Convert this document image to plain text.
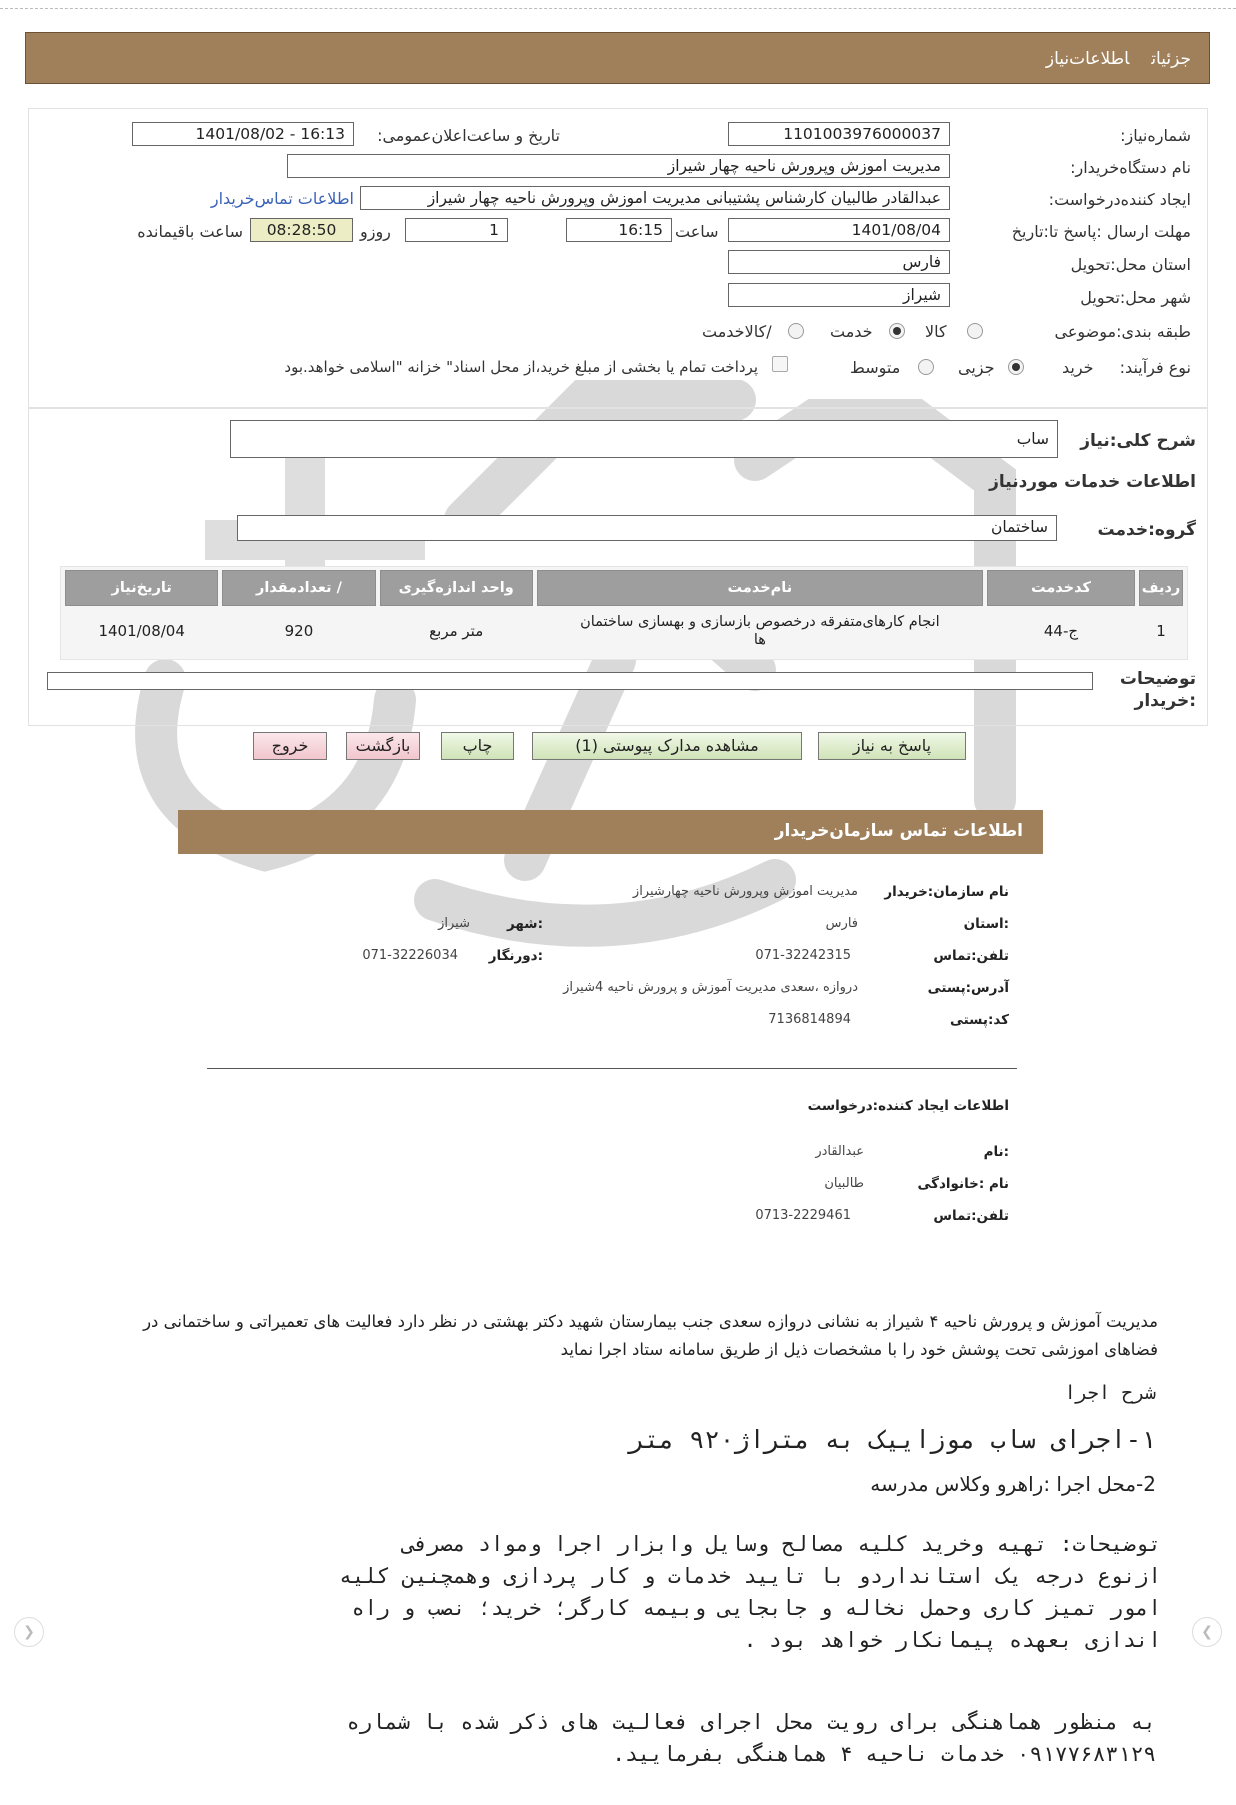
جزئیاتاطلاعات‌نیاز
شماره‌نیاز:
1101003976000037
تاریخ و ساعت‌اعلان‌عمومی:
1401/08/02 - 16:13
نام دستگاه‌خریدار:
مدیریت اموزش وپرورش ناحیه چهار شیراز
ایجاد کننده‌درخواست:
عبدالقادر طالبیان کارشناس پشتیبانی مدیریت اموزش وپرورش ناحیه چهار شیراز
اطلاعات تماس‌خریدار
مهلت ارسال :پاسخ تا:تاریخ
1401/08/04
ساعت
16:15
1
روزو
08:28:50
ساعت باقیمانده
استان محل:تحویل
فارس
شهر محل:تحویل
شیراز
طبقه بندی:موضوعی
کالا
خدمت
/کالاخدمت
نوع فرآیند:
خرید
جزیی
متوسط
پرداخت تمام یا بخشی از مبلغ خرید،از محل اسناد" خزانه "اسلامی خواهد.بود
شرح کلی:نیاز
ساب
اطلاعات خدمات موردنیاز
گروه:خدمت
ساختمان
ردیف	کدخدمت	نام‌خدمت	واحد اندازه‌گیری	/ تعدادمقدار	تاریخ‌نیاز
1	ج-44	انجام کارهای‌متفرقه درخصوص بازسازی و بهسازی ساختمان ها	متر مربع	920	1401/08/04
توضیحات :خریدار
پاسخ به نیاز
مشاهده مدارک پیوستی (1)
چاپ
بازگشت
خروج
اطلاعات تماس سازمان‌خریدار
نام سازمان:خریدار
مدیریت اموزش وپرورش ناحیه چهارشیراز
:استان
فارس
:شهر
شیراز
تلفن:تماس
071-32242315
:دورنگار
071-32226034
آدرس:پستی
دروازه ،سعدی مدیریت آموزش و پرورش ناحیه 4شیراز
کد:پستی
7136814894
اطلاعات ایجاد کننده:درخواست
:نام
عبدالقادر
نام :خانوادگی
طالبیان
تلفن:تماس
0713-2229461
مدیریت آموزش و پرورش ناحیه ۴ شیراز به نشانی دروازه سعدی جنب بیمارستان شهید دکتر بهشتی در نظر دارد فعالیت های تعمیراتی و ساختمانی در فضاهای اموزشی تحت پوشش خود را با مشخصات ذیل از طریق سامانه ستاد اجرا نماید
شرح اجرا
۱-اجرای ساب موزاییک به متراژ۹۲۰ متر
2-محل اجرا :راهرو وکلاس مدرسه
توضیحات: تهیه وخرید کلیه مصالح وسایل وابزار اجرا ومواد مصرفی
ازنوع درجه یک استانداردو با تایید خدمات و کار پردازی وهمچنین کلیه
امور تمیز کاری وحمل نخاله و جابجایی وبیمه کارگر؛ خرید؛ نصب و راه
اندازی بعهده پیمانکار خواهد بود .
به منظور هماهنگی برای رویت محل اجرای فعالیت های ذکر شده با شماره
۰۹۱۷۷۶۸۳۱۲۹ خدمات ناحیه ۴ هماهنگی بفرمایید.
❮	❯
